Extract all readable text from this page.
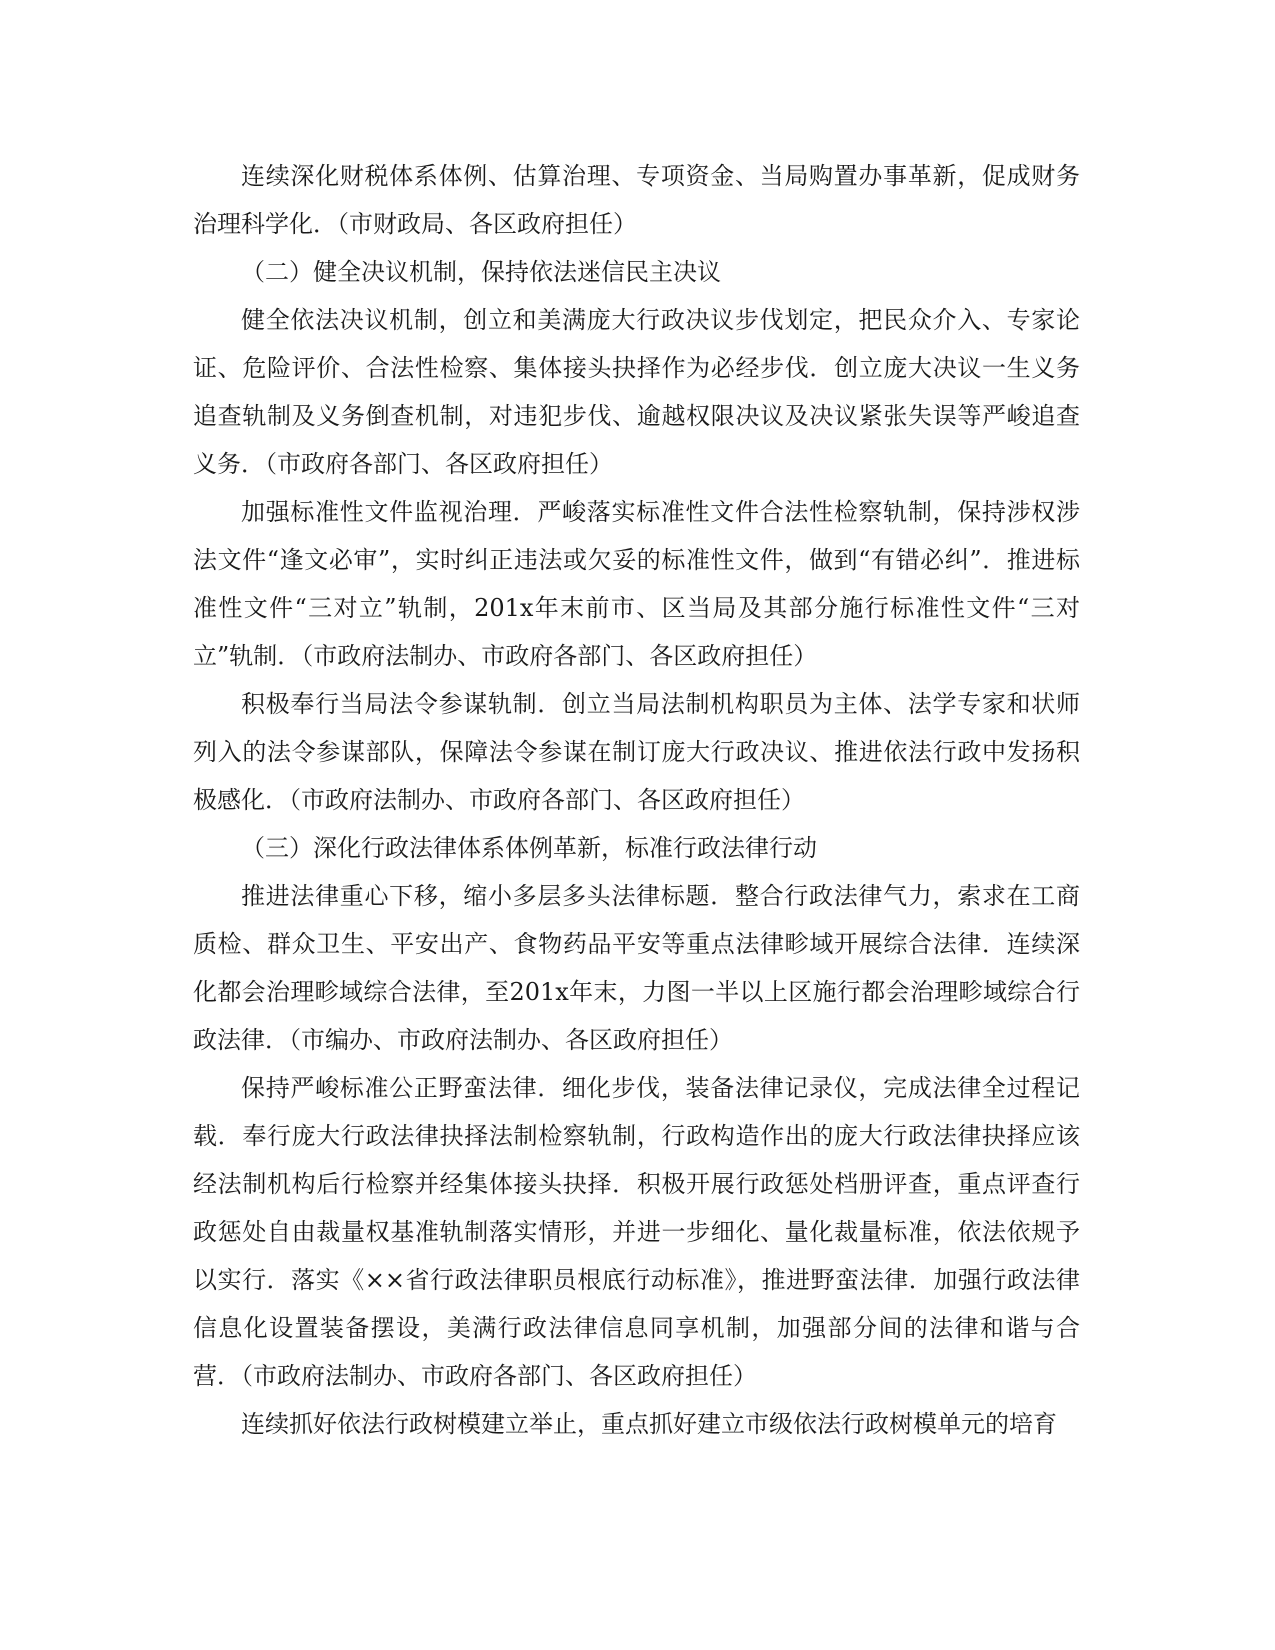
连续深化财税体系体例、估算治理、专项资金、当局购置办事革新，促成财务治理科学化．（市财政局、各区政府担任）

（二）健全决议机制，保持依法迷信民主决议

健全依法决议机制，创立和美满庞大行政决议步伐划定，把民众介入、专家论证、危险评价、合法性检察、集体接头抉择作为必经步伐．创立庞大决议一生义务追查轨制及义务倒查机制，对违犯步伐、逾越权限决议及决议紧张失误等严峻追查义务．（市政府各部门、各区政府担任）

加强标准性文件监视治理．严峻落实标准性文件合法性检察轨制，保持涉权涉法文件“逢文必审”，实时纠正违法或欠妥的标准性文件，做到“有错必纠”．推进标准性文件“三对立”轨制，201x年末前市、区当局及其部分施行标准性文件“三对立”轨制．（市政府法制办、市政府各部门、各区政府担任）

积极奉行当局法令参谋轨制．创立当局法制机构职员为主体、法学专家和状师列入的法令参谋部队，保障法令参谋在制订庞大行政决议、推进依法行政中发扬积极感化．（市政府法制办、市政府各部门、各区政府担任）

（三）深化行政法律体系体例革新，标准行政法律行动

推进法律重心下移，缩小多层多头法律标题．整合行政法律气力，索求在工商质检、群众卫生、平安出产、食物药品平安等重点法律畛域开展综合法律．连续深化都会治理畛域综合法律，至201x年末，力图一半以上区施行都会治理畛域综合行政法律．（市编办、市政府法制办、各区政府担任）

保持严峻标准公正野蛮法律．细化步伐，装备法律记录仪，完成法律全过程记载．奉行庞大行政法律抉择法制检察轨制，行政构造作出的庞大行政法律抉择应该经法制机构后行检察并经集体接头抉择．积极开展行政惩处档册评查，重点评查行政惩处自由裁量权基准轨制落实情形，并进一步细化、量化裁量标准，依法依规予以实行．落实《××省行政法律职员根底行动标准》，推进野蛮法律．加强行政法律信息化设置装备摆设，美满行政法律信息同享机制，加强部分间的法律和谐与合营．（市政府法制办、市政府各部门、各区政府担任）

连续抓好依法行政树模建立举止，重点抓好建立市级依法行政树模单元的培育
